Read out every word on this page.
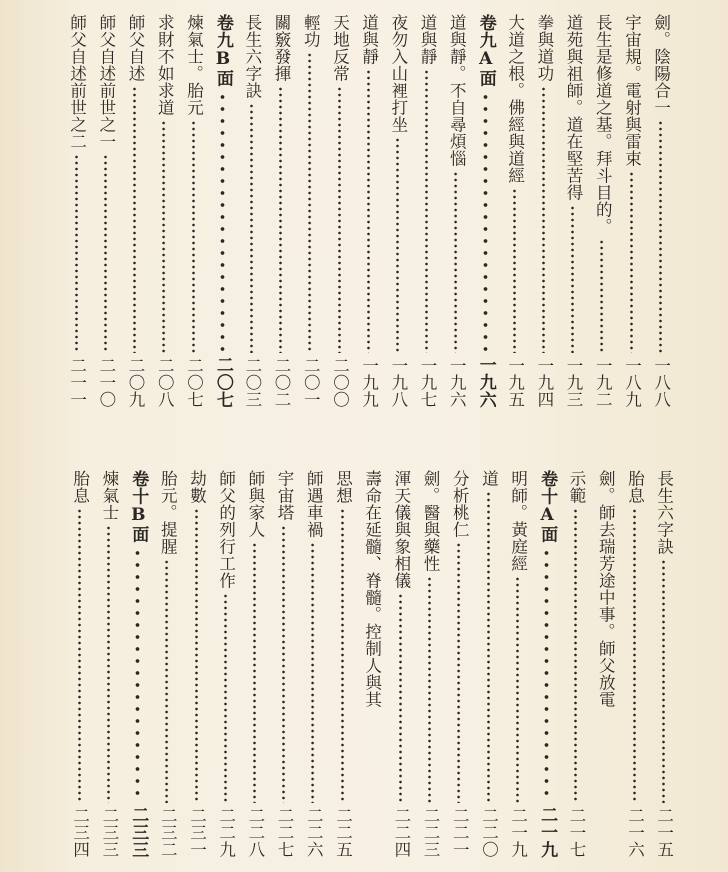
劍。陰陽合一
一八八
宇宙規。電射與雷束
一八九
長生是修道之基。拜斗目的。
一九二
道苑與祖師。道在堅苦得
一九三
拳與道功
一九四
大道之根。佛經與道經
一九五
卷九A面
一九六
道與靜。不自尋煩惱
一九六
道與靜
一九七
夜勿入山裡打坐
一九八
道與靜
一九九
天地反常
二〇〇
輕功
二〇一
關竅發揮
二〇二
長生六字訣
二〇三
卷九B面
二〇七
煉氣士。胎元
二〇七
求財不如求道
二〇八
師父自述
二〇九
師父自述前世之一
二一〇
師父自述前世之二
二一一
長生六字訣
二一五
胎息
二一六
劍。師去瑞芳途中事。師父放電
示範
二一七
卷十A面
二一九
明師。黃庭經
二一九
道
二二〇
分析桃仁
二二一
劍。醫與藥性
二二三
渾天儀與象相儀
二二四
壽命在延髓、脊髓。控制人與其
思想
二二五
師遇車禍
二二六
宇宙塔
二二七
師與家人
二二八
師父的列行工作
二二九
劫數
二三一
胎元。提腥
二三二
卷十B面
二三三
煉氣士
二三三
胎息
二三四
